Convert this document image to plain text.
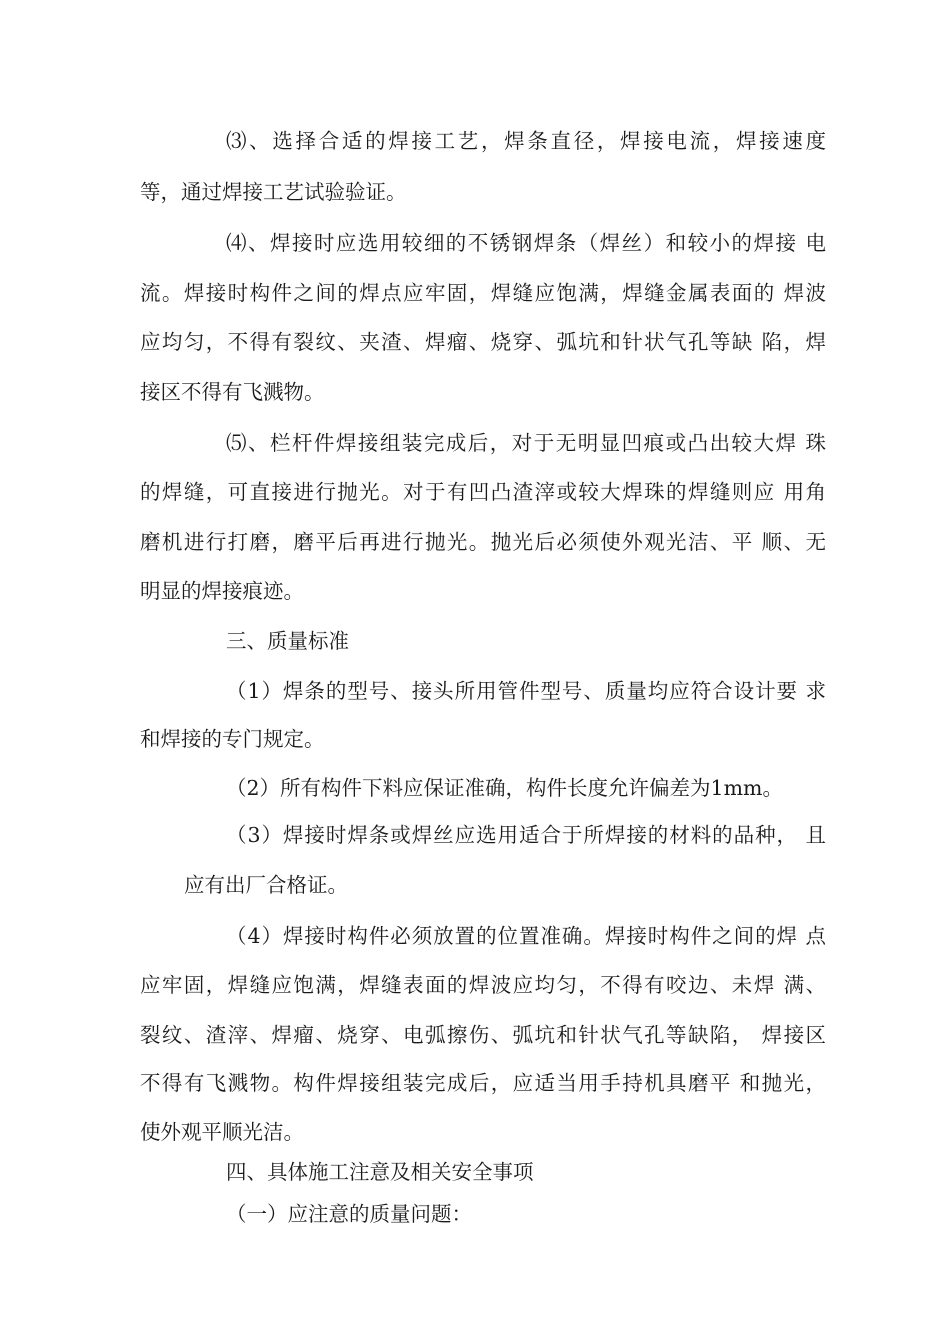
⑶、选择合适的焊接工艺，焊条直径，焊接电流，焊接速度
等，通过焊接工艺试验验证。
⑷、焊接时应选用较细的不锈钢焊条（焊丝）和较小的焊接 电
流。焊接时构件之间的焊点应牢固，焊缝应饱满，焊缝金属表面的 焊波
应均匀，不得有裂纹、夹渣、焊瘤、烧穿、弧坑和针状气孔等缺 陷，焊
接区不得有飞溅物。
⑸、栏杆件焊接组装完成后，对于无明显凹痕或凸出较大焊 珠
的焊缝，可直接进行抛光。对于有凹凸渣滓或较大焊珠的焊缝则应 用角
磨机进行打磨，磨平后再进行抛光。抛光后必须使外观光洁、平 顺、无
明显的焊接痕迹。
三、质量标准
（1）焊条的型号、接头所用管件型号、质量均应符合设计要 求
和焊接的专门规定。
（2）所有构件下料应保证准确，构件长度允许偏差为1mm。
（3）焊接时焊条或焊丝应选用适合于所焊接的材料的品种， 且
应有出厂合格证。
（4）焊接时构件必须放置的位置准确。焊接时构件之间的焊 点
应牢固，焊缝应饱满，焊缝表面的焊波应均匀，不得有咬边、未焊 满、
裂纹、渣滓、焊瘤、烧穿、电弧擦伤、弧坑和针状气孔等缺陷， 焊接区
不得有飞溅物。构件焊接组装完成后，应适当用手持机具磨平 和抛光，
使外观平顺光洁。
四、具体施工注意及相关安全事项
（一）应注意的质量问题：
